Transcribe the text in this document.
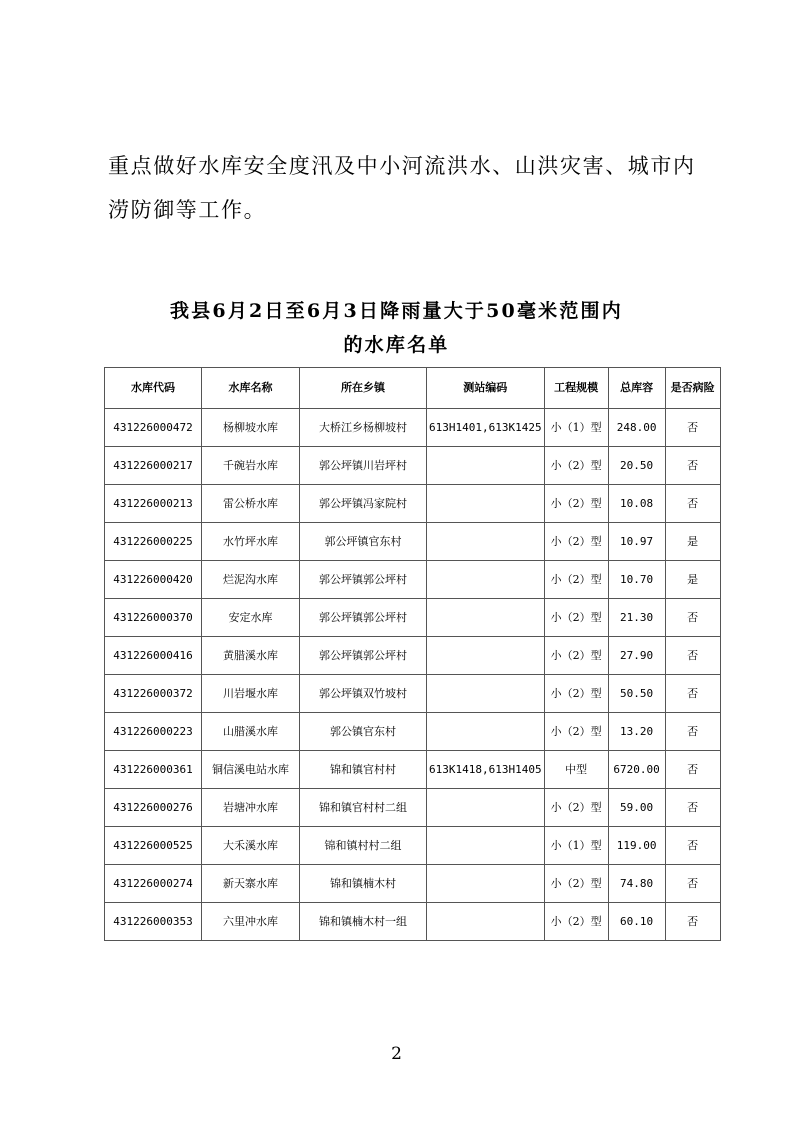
重点做好水库安全度汛及中小河流洪水、山洪灾害、城市内涝防御等工作。
我县6月2日至6月3日降雨量大于50毫米范围内
的水库名单
水库代码	水库名称	所在乡镇	测站编码	工程规模	总库容	是否病险
431226000472	杨柳坡水库	大桥江乡杨柳坡村	613H1401,613K1425	小（1）型	248.00	否
431226000217	千碗岩水库	郭公坪镇川岩坪村		小（2）型	20.50	否
431226000213	雷公桥水库	郭公坪镇冯家院村		小（2）型	10.08	否
431226000225	水竹坪水库	郭公坪镇官东村		小（2）型	10.97	是
431226000420	烂泥沟水库	郭公坪镇郭公坪村		小（2）型	10.70	是
431226000370	安定水库	郭公坪镇郭公坪村		小（2）型	21.30	否
431226000416	黄腊溪水库	郭公坪镇郭公坪村		小（2）型	27.90	否
431226000372	川岩堰水库	郭公坪镇双竹坡村		小（2）型	50.50	否
431226000223	山腊溪水库	郭公镇官东村		小（2）型	13.20	否
431226000361	铜信溪电站水库	锦和镇官村村	613K1418,613H1405	中型	6720.00	否
431226000276	岩塘冲水库	锦和镇官村村二组		小（2）型	59.00	否
431226000525	大禾溪水库	锦和镇村村二组		小（1）型	119.00	否
431226000274	新天寨水库	锦和镇楠木村		小（2）型	74.80	否
431226000353	六里冲水库	锦和镇楠木村一组		小（2）型	60.10	否
2
